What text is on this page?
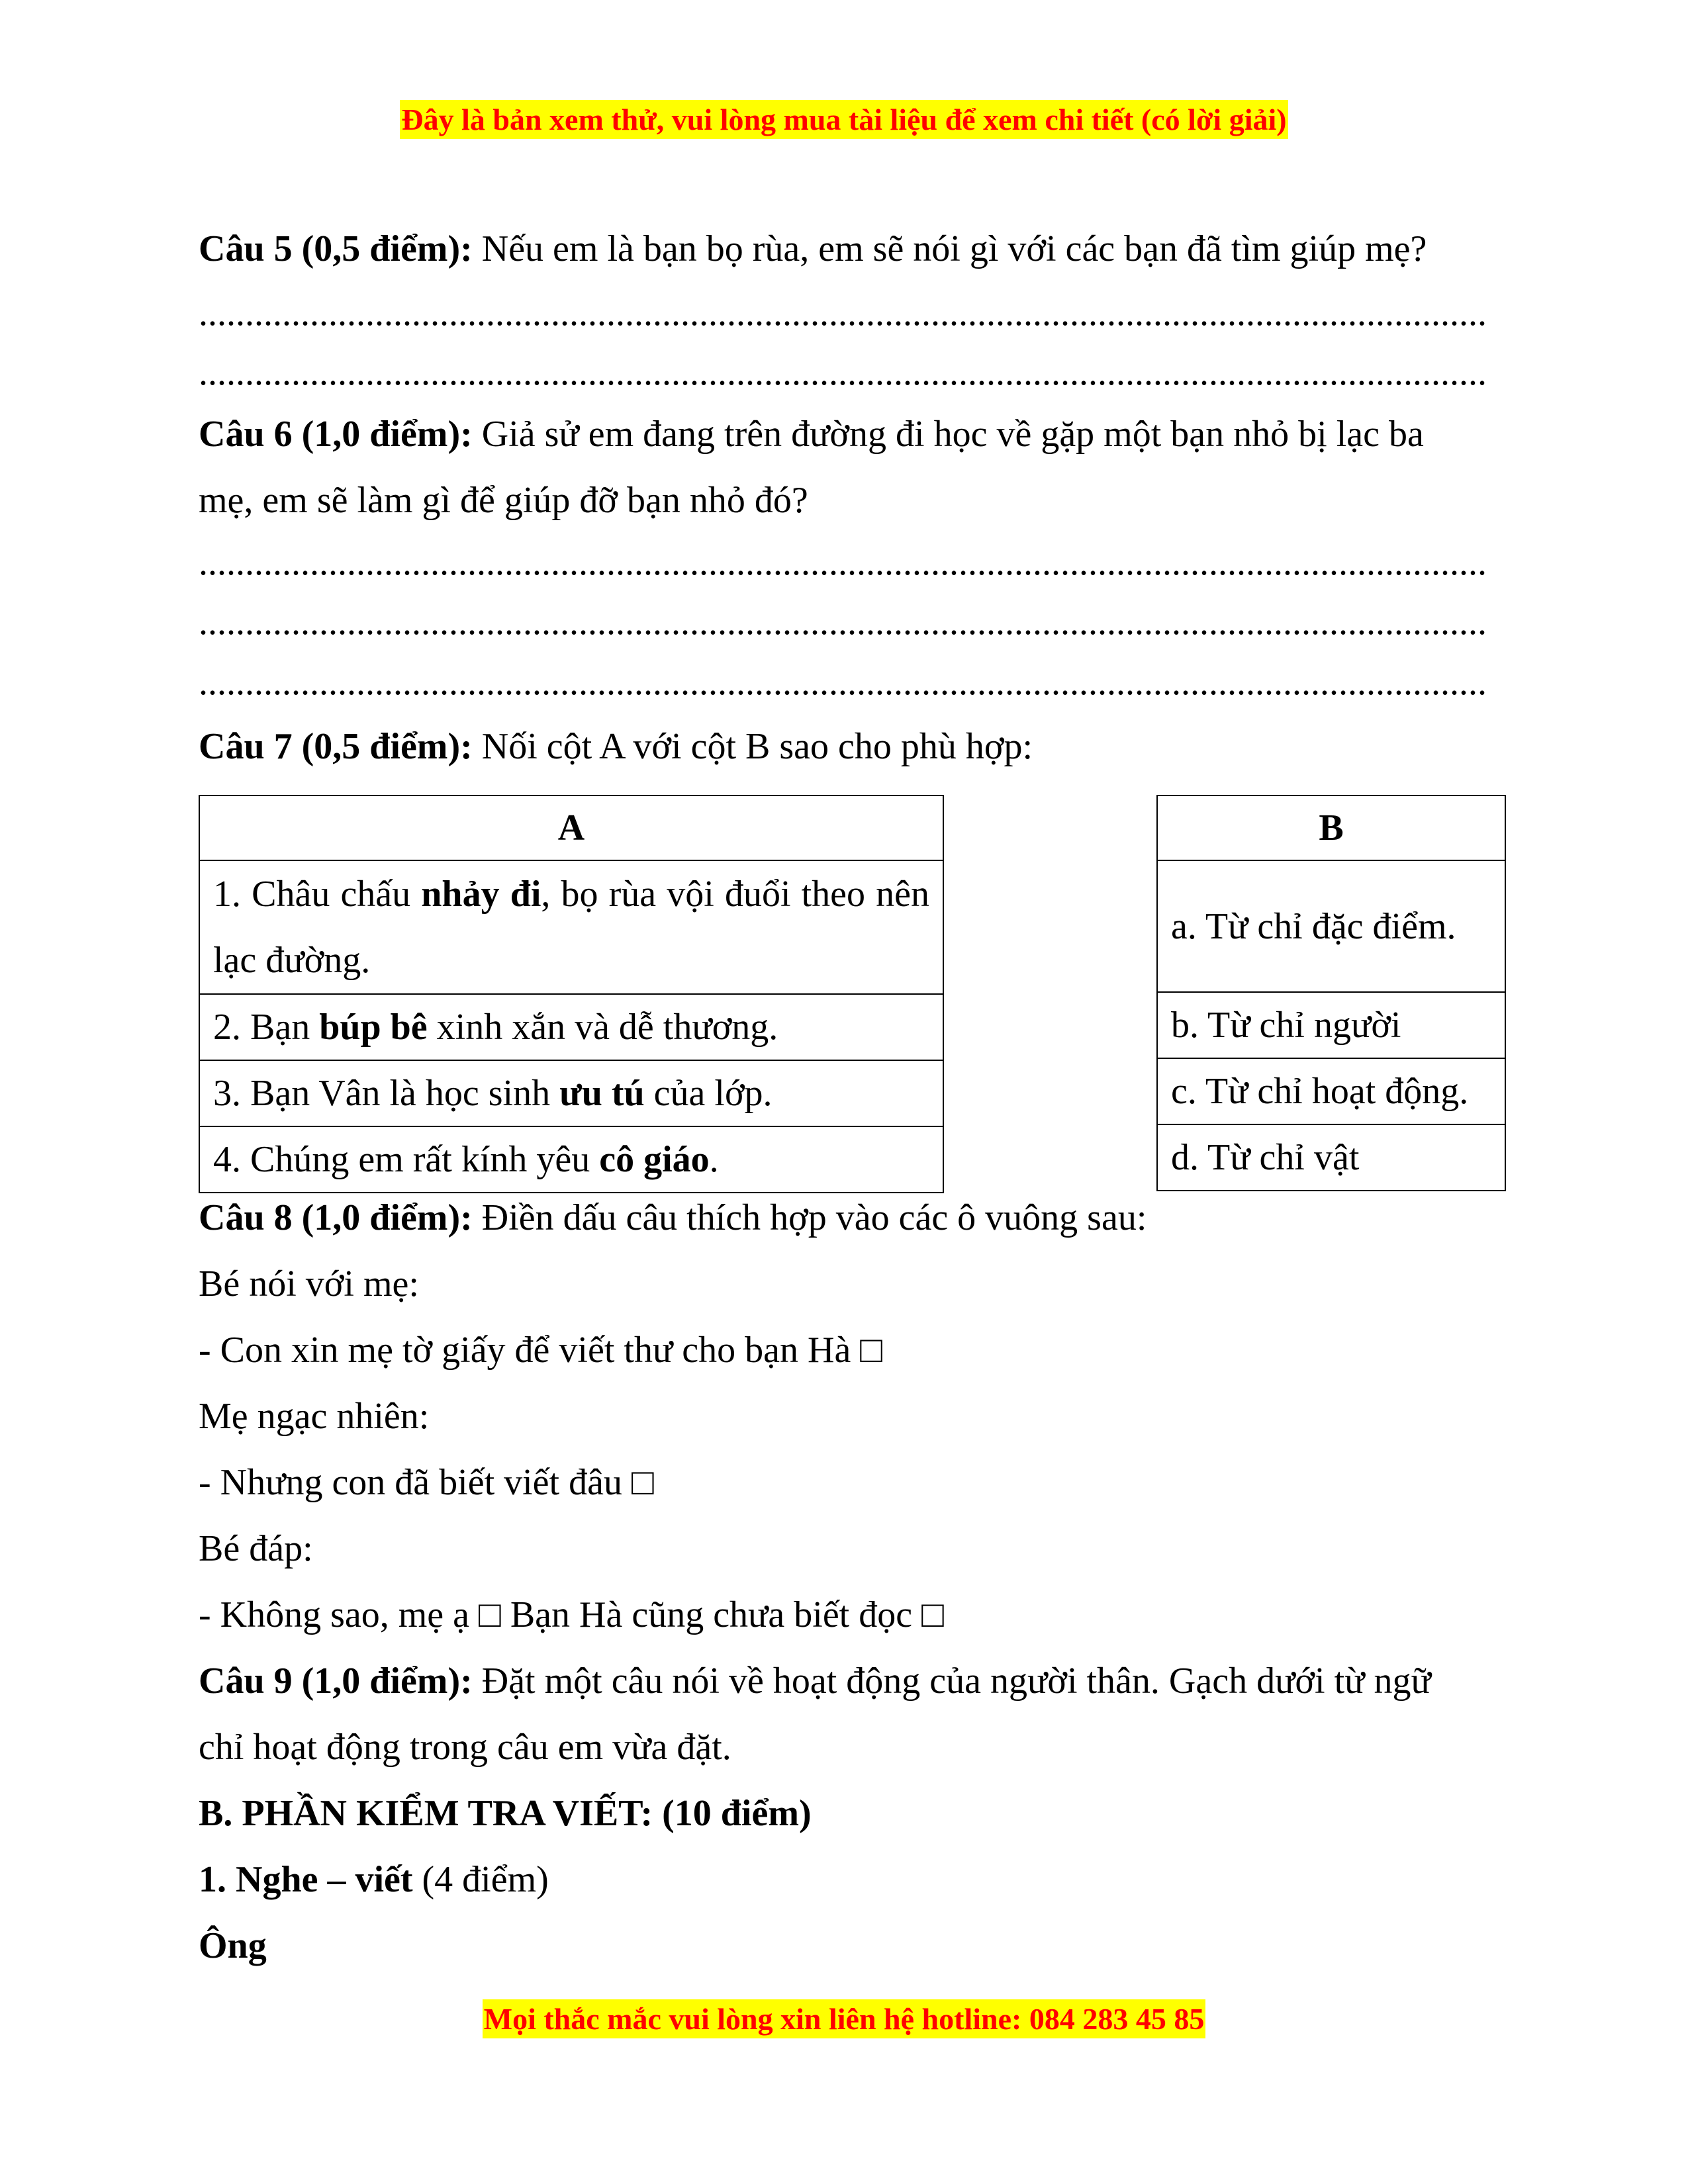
Đây là bản xem thử, vui lòng mua tài liệu để xem chi tiết (có lời giải)
Câu 5 (0,5 điểm): Nếu em là bạn bọ rùa, em sẽ nói gì với các bạn đã tìm giúp mẹ?
...........................................................................................................................................
...........................................................................................................................................
Câu 6 (1,0 điểm): Giả sử em đang trên đường đi học về gặp một bạn nhỏ bị lạc ba
mẹ, em sẽ làm gì để giúp đỡ bạn nhỏ đó?
...........................................................................................................................................
...........................................................................................................................................
...........................................................................................................................................
Câu 7 (0,5 điểm): Nối cột A với cột B sao cho phù hợp:
A
1. Châu chấu nhảy đi, bọ rùa vội đuổi theo nên lạc đường.
2. Bạn búp bê xinh xắn và dễ thương.
3. Bạn Vân là học sinh ưu tú của lớp.
4. Chúng em rất kính yêu cô giáo.
B
a. Từ chỉ đặc điểm.
b. Từ chỉ người
c. Từ chỉ hoạt động.
d. Từ chỉ vật
Câu 8 (1,0 điểm): Điền dấu câu thích hợp vào các ô vuông sau:
Bé nói với mẹ:
- Con xin mẹ tờ giấy để viết thư cho bạn Hà □
Mẹ ngạc nhiên:
- Nhưng con đã biết viết đâu □
Bé đáp:
- Không sao, mẹ ạ □ Bạn Hà cũng chưa biết đọc □
Câu 9 (1,0 điểm): Đặt một câu nói về hoạt động của người thân. Gạch dưới từ ngữ
chỉ hoạt động trong câu em vừa đặt.
B. PHẦN KIỂM TRA VIẾT: (10 điểm)
1. Nghe – viết (4 điểm)
Ông
Mọi thắc mắc vui lòng xin liên hệ hotline: 084 283 45 85
